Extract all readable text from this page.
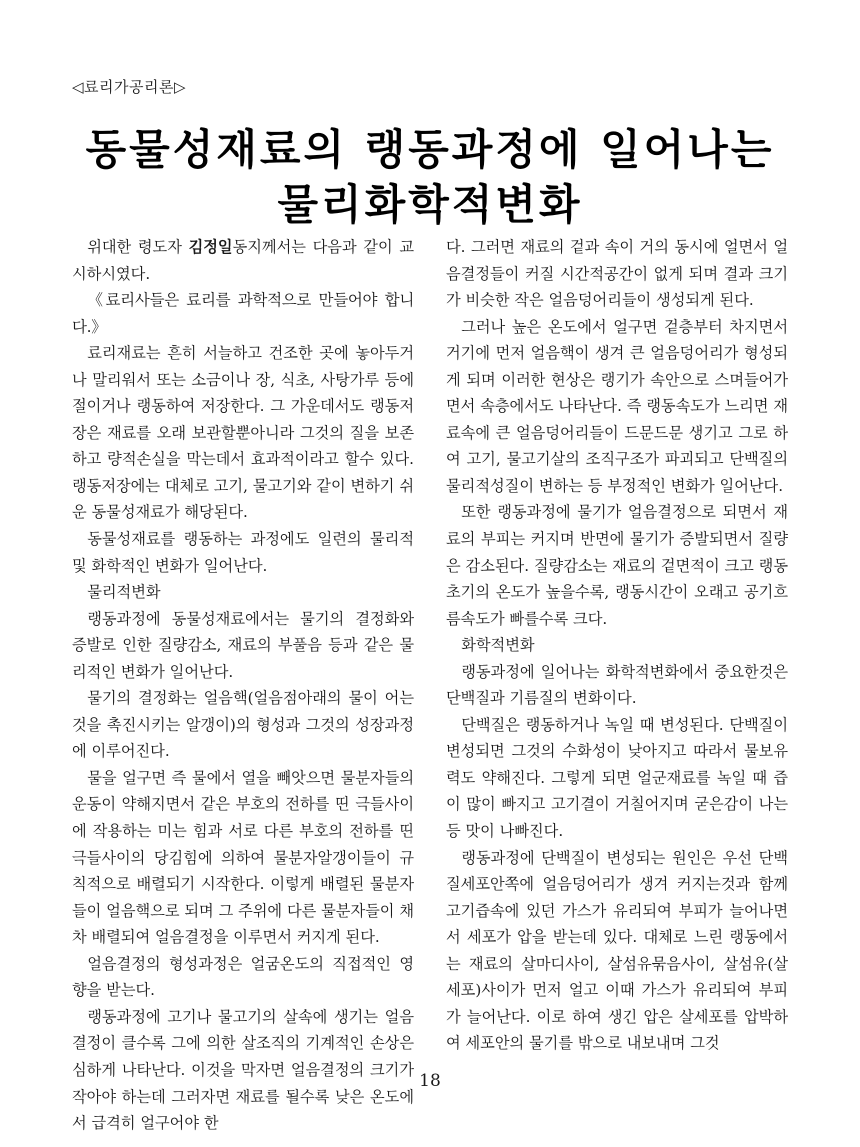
◁료리가공리론▷
동물성재료의 랭동과정에 일어나는
물리화학적변화

위대한 령도자 김정일동지께서는 다음과 같이 교시하시였다.

《료리사들은 료리를 과학적으로 만들어야 합니다.》

료리재료는 흔히 서늘하고 건조한 곳에 놓아두거나 말리워서 또는 소금이나 장, 식초, 사탕가루 등에 절이거나 랭동하여 저장한다. 그 가운데서도 랭동저장은 재료를 오래 보관할뿐아니라 그것의 질을 보존하고 량적손실을 막는데서 효과적이라고 할수 있다. 랭동저장에는 대체로 고기, 물고기와 같이 변하기 쉬운 동물성재료가 해당된다.

동물성재료를 랭동하는 과정에도 일련의 물리적 및 화학적인 변화가 일어난다.

물리적변화

랭동과정에 동물성재료에서는 물기의 결정화와 증발로 인한 질량감소, 재료의 부풀음 등과 같은 물리적인 변화가 일어난다.

물기의 결정화는 얼음핵(얼음점아래의 물이 어는것을 촉진시키는 알갱이)의 형성과 그것의 성장과정에 이루어진다.

물을 얼구면 즉 물에서 열을 빼앗으면 물분자들의 운동이 약해지면서 같은 부호의 전하를 띤 극들사이에 작용하는 미는 힘과 서로 다른 부호의 전하를 띤 극들사이의 당김힘에 의하여 물분자알갱이들이 규칙적으로 배렬되기 시작한다. 이렇게 배렬된 물분자들이 얼음핵으로 되며 그 주위에 다른 물분자들이 채차 배렬되여 얼음결정을 이루면서 커지게 된다.

얼음결정의 형성과정은 얼굼온도의 직접적인 영향을 받는다.

랭동과정에 고기나 물고기의 살속에 생기는 얼음결정이 클수록 그에 의한 살조직의 기계적인 손상은 심하게 나타난다. 이것을 막자면 얼음결정의 크기가 작아야 하는데 그러자면 재료를 될수록 낮은 온도에서 급격히 얼구어야 한

다. 그러면 재료의 겉과 속이 거의 동시에 얼면서 얼음결정들이 커질 시간적공간이 없게 되며 결과 크기가 비슷한 작은 얼음덩어리들이 생성되게 된다.

그러나 높은 온도에서 얼구면 겉층부터 차지면서 거기에 먼저 얼음핵이 생겨 큰 얼음덩어리가 형성되게 되며 이러한 현상은 랭기가 속안으로 스며들어가면서 속층에서도 나타난다. 즉 랭동속도가 느리면 재료속에 큰 얼음덩어리들이 드문드문 생기고 그로 하여 고기, 물고기살의 조직구조가 파괴되고 단백질의 물리적성질이 변하는 등 부정적인 변화가 일어난다.

또한 랭동과정에 물기가 얼음결정으로 되면서 재료의 부피는 커지며 반면에 물기가 증발되면서 질량은 감소된다. 질량감소는 재료의 겉면적이 크고 랭동초기의 온도가 높을수록, 랭동시간이 오래고 공기흐름속도가 빠를수록 크다.

화학적변화

랭동과정에 일어나는 화학적변화에서 중요한것은 단백질과 기름질의 변화이다.

단백질은 랭동하거나 녹일 때 변성된다. 단백질이 변성되면 그것의 수화성이 낮아지고 따라서 물보유력도 약해진다. 그렇게 되면 얼군재료를 녹일 때 즙이 많이 빠지고 고기결이 거칠어지며 굳은감이 나는 등 맛이 나빠진다.

랭동과정에 단백질이 변성되는 원인은 우선 단백질세포안쪽에 얼음덩어리가 생겨 커지는것과 함께 고기즙속에 있던 가스가 유리되여 부피가 늘어나면서 세포가 압을 받는데 있다. 대체로 느린 랭동에서는 재료의 살마디사이, 살섬유묶음사이, 살섬유(살세포)사이가 먼저 얼고 이때 가스가 유리되여 부피가 늘어난다. 이로 하여 생긴 압은 살세포를 압박하여 세포안의 물기를 밖으로 내보내며 그것

18
